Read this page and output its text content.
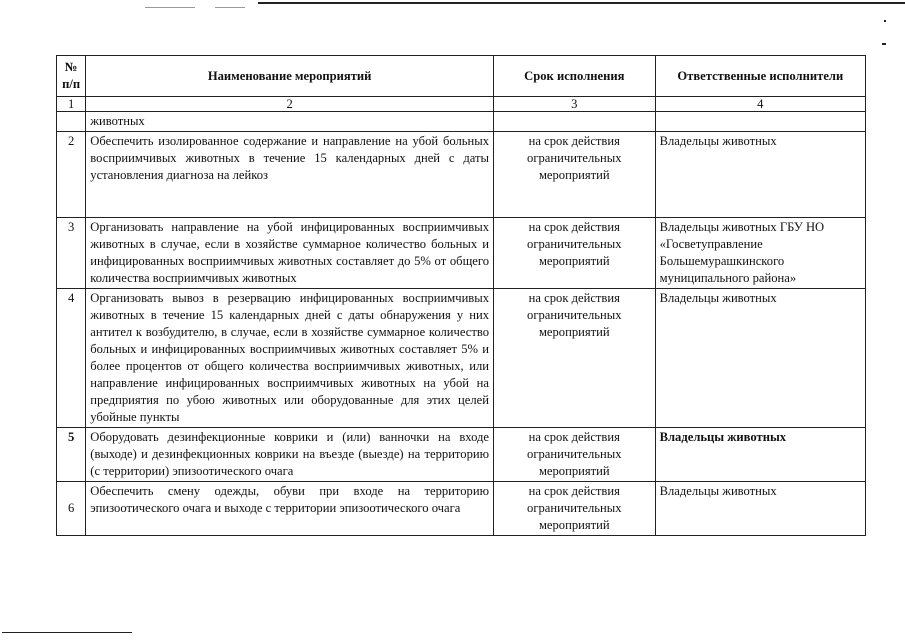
№ п/п	Наименование мероприятий	Срок исполнения	Ответственные исполнители
1	2	3	4
	животных		
2	Обеспечить изолированное содержание и направление на убой больных восприимчивых животных в течение 15 календарных дней с даты установления диагноза на лейкоз	на срок действия ограничительных мероприятий	Владельцы животных
3	Организовать направление на убой инфицированных восприимчивых животных в случае, если в хозяйстве суммарное количество больных и инфицированных восприимчивых животных составляет до 5% от общего количества восприимчивых животных	на срок действия ограничительных мероприятий	Владельцы животных ГБУ НО «Госветуправление Большемурашкинского муниципального района»
4	Организовать вывоз в резервацию инфицированных восприимчивых животных в течение 15 календарных дней с даты обнаружения у них антител к возбудителю, в случае, если в хозяйстве суммарное количество больных и инфицированных восприимчивых животных составляет 5% и более процентов от общего количества восприимчивых животных, или направление инфицированных восприимчивых животных на убой на предприятия по убою животных или оборудованные для этих целей убойные пункты	на срок действия ограничительных мероприятий	Владельцы животных
5	Оборудовать дезинфекционные коврики и (или) ванночки на входе (выходе) и дезинфекционных коврики на въезде (выезде) на территорию (с территории) эпизоотического очага	на срок действия ограничительных мероприятий	Владельцы животных
6	Обеспечить смену одежды, обуви при входе на территорию эпизоотического очага и выходе с территории эпизоотического очага	на срок действия ограничительных мероприятий	Владельцы животных
